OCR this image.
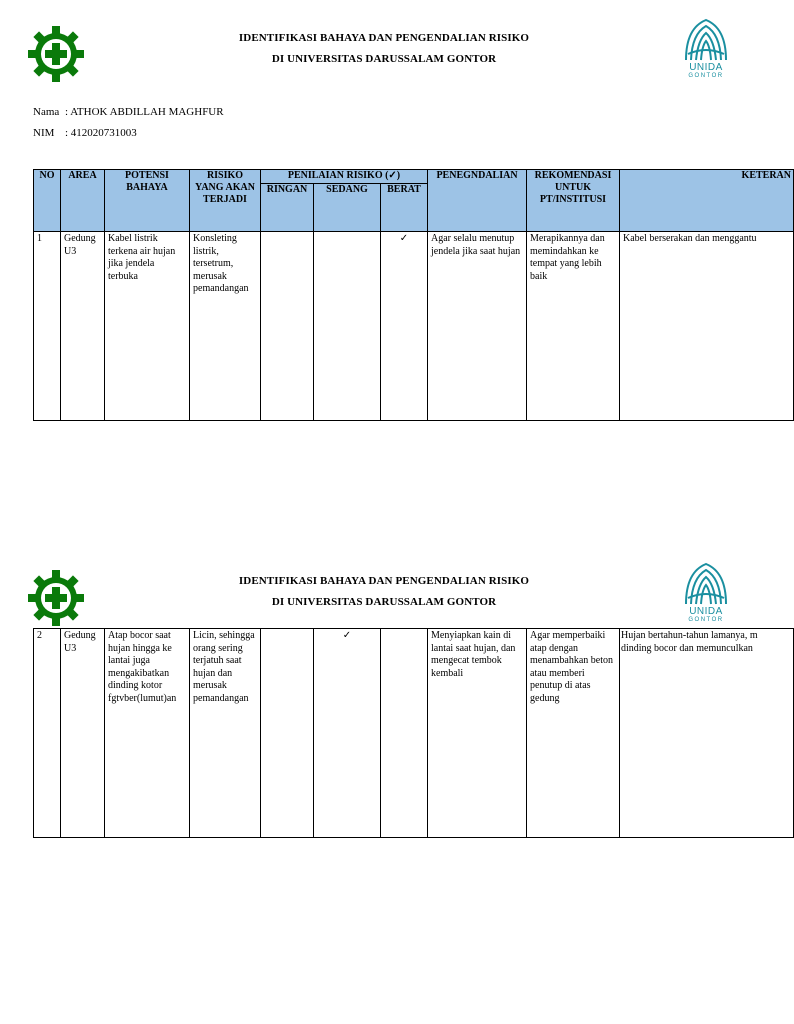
IDENTIFIKASI BAHAYA DAN PENGENDALIAN RISIKO
DI UNIVERSITAS DARUSSALAM GONTOR
UNIDA
GONTOR
Nama : ATHOK ABDILLAH MAGHFUR
NIM : 412020731003
NO	AREA	POTENSI BAHAYA	RISIKO YANG AKAN TERJADI	PENILAIAN RISIKO (✓)			PENEGNDALIAN	REKOMENDASI UNTUK PT/INSTITUSI	KETERAN
				RINGAN	SEDANG	BERAT			
1	Gedung U3	Kabel listrik terkena air hujan jika jendela terbuka	Konsleting listrik, tersetrum, merusak pemandangan			✓	Agar selalu menutup jendela jika saat hujan	Merapikannya dan memindahkan ke tempat yang lebih baik	Kabel berserakan dan menggantu
IDENTIFIKASI BAHAYA DAN PENGENDALIAN RISIKO
DI UNIVERSITAS DARUSSALAM GONTOR
UNIDA
GONTOR
2	Gedung U3	Atap bocor saat hujan hingga ke lantai juga mengakibatkan dinding kotor fgtvber(lumut)an	Licin, sehingga orang sering terjatuh saat hujan dan merusak pemandangan		✓		Menyiapkan kain di lantai saat hujan, dan mengecat tembok kembali	Agar memperbaiki atap dengan menambahkan beton atau memberi penutup di atas gedung	Hujan bertahun-tahun lamanya, m dinding bocor dan memunculkan
